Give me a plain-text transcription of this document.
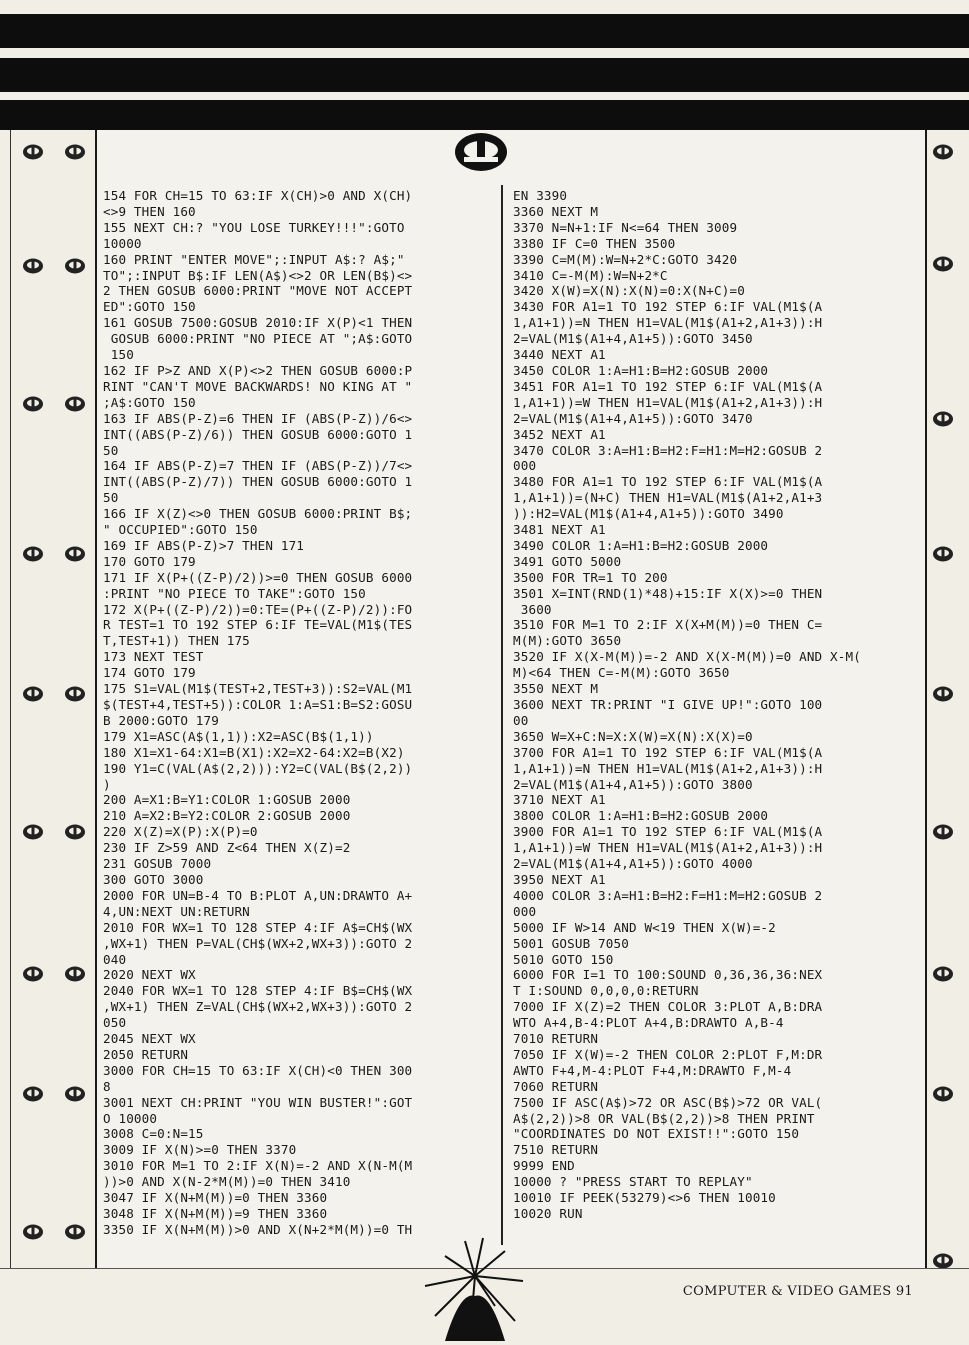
154 FOR CH=15 TO 63:IF X(CH)>0 AND X(CH)
<>9 THEN 160
155 NEXT CH:? "YOU LOSE TURKEY!!!":GOTO
10000
160 PRINT "ENTER MOVE";:INPUT A$:? A$;"
TO";:INPUT B$:IF LEN(A$)<>2 OR LEN(B$)<>
2 THEN GOSUB 6000:PRINT "MOVE NOT ACCEPT
ED":GOTO 150
161 GOSUB 7500:GOSUB 2010:IF X(P)<1 THEN
GOSUB 6000:PRINT "NO PIECE AT ";A$:GOTO
150
162 IF P>Z AND X(P)<>2 THEN GOSUB 6000:P
RINT "CAN'T MOVE BACKWARDS! NO KING AT "
;A$:GOTO 150
163 IF ABS(P-Z)=6 THEN IF (ABS(P-Z))/6<>
INT((ABS(P-Z)/6)) THEN GOSUB 6000:GOTO 1
50
164 IF ABS(P-Z)=7 THEN IF (ABS(P-Z))/7<>
INT((ABS(P-Z)/7)) THEN GOSUB 6000:GOTO 1
50
166 IF X(Z)<>0 THEN GOSUB 6000:PRINT B$;
" OCCUPIED":GOTO 150
169 IF ABS(P-Z)>7 THEN 171
170 GOTO 179
171 IF X(P+((Z-P)/2))>=0 THEN GOSUB 6000
:PRINT "NO PIECE TO TAKE":GOTO 150
172 X(P+((Z-P)/2))=0:TE=(P+((Z-P)/2)):FO
R TEST=1 TO 192 STEP 6:IF TE=VAL(M1$(TES
T,TEST+1)) THEN 175
173 NEXT TEST
174 GOTO 179
175 S1=VAL(M1$(TEST+2,TEST+3)):S2=VAL(M1
$(TEST+4,TEST+5)):COLOR 1:A=S1:B=S2:GOSU
B 2000:GOTO 179
179 X1=ASC(A$(1,1)):X2=ASC(B$(1,1))
180 X1=X1-64:X1=B(X1):X2=X2-64:X2=B(X2)
190 Y1=C(VAL(A$(2,2))):Y2=C(VAL(B$(2,2))
)
200 A=X1:B=Y1:COLOR 1:GOSUB 2000
210 A=X2:B=Y2:COLOR 2:GOSUB 2000
220 X(Z)=X(P):X(P)=0
230 IF Z>59 AND Z<64 THEN X(Z)=2
231 GOSUB 7000
300 GOTO 3000
2000 FOR UN=B-4 TO B:PLOT A,UN:DRAWTO A+
4,UN:NEXT UN:RETURN
2010 FOR WX=1 TO 128 STEP 4:IF A$=CH$(WX
,WX+1) THEN P=VAL(CH$(WX+2,WX+3)):GOTO 2
040
2020 NEXT WX
2040 FOR WX=1 TO 128 STEP 4:IF B$=CH$(WX
,WX+1) THEN Z=VAL(CH$(WX+2,WX+3)):GOTO 2
050
2045 NEXT WX
2050 RETURN
3000 FOR CH=15 TO 63:IF X(CH)<0 THEN 300
8
3001 NEXT CH:PRINT "YOU WIN BUSTER!":GOT
O 10000
3008 C=0:N=15
3009 IF X(N)>=0 THEN 3370
3010 FOR M=1 TO 2:IF X(N)=-2 AND X(N-M(M
))>0 AND X(N-2*M(M))=0 THEN 3410
3047 IF X(N+M(M))=0 THEN 3360
3048 IF X(N+M(M))=9 THEN 3360
3350 IF X(N+M(M))>0 AND X(N+2*M(M))=0 TH
EN 3390
3360 NEXT M
3370 N=N+1:IF N<=64 THEN 3009
3380 IF C=0 THEN 3500
3390 C=M(M):W=N+2*C:GOTO 3420
3410 C=-M(M):W=N+2*C
3420 X(W)=X(N):X(N)=0:X(N+C)=0
3430 FOR A1=1 TO 192 STEP 6:IF VAL(M1$(A
1,A1+1))=N THEN H1=VAL(M1$(A1+2,A1+3)):H
2=VAL(M1$(A1+4,A1+5)):GOTO 3450
3440 NEXT A1
3450 COLOR 1:A=H1:B=H2:GOSUB 2000
3451 FOR A1=1 TO 192 STEP 6:IF VAL(M1$(A
1,A1+1))=W THEN H1=VAL(M1$(A1+2,A1+3)):H
2=VAL(M1$(A1+4,A1+5)):GOTO 3470
3452 NEXT A1
3470 COLOR 3:A=H1:B=H2:F=H1:M=H2:GOSUB 2
000
3480 FOR A1=1 TO 192 STEP 6:IF VAL(M1$(A
1,A1+1))=(N+C) THEN H1=VAL(M1$(A1+2,A1+3
)):H2=VAL(M1$(A1+4,A1+5)):GOTO 3490
3481 NEXT A1
3490 COLOR 1:A=H1:B=H2:GOSUB 2000
3491 GOTO 5000
3500 FOR TR=1 TO 200
3501 X=INT(RND(1)*48)+15:IF X(X)>=0 THEN
3600
3510 FOR M=1 TO 2:IF X(X+M(M))=0 THEN C=
M(M):GOTO 3650
3520 IF X(X-M(M))=-2 AND X(X-M(M))=0 AND X-M(
M)<64 THEN C=-M(M):GOTO 3650
3550 NEXT M
3600 NEXT TR:PRINT "I GIVE UP!":GOTO 100
00
3650 W=X+C:N=X:X(W)=X(N):X(X)=0
3700 FOR A1=1 TO 192 STEP 6:IF VAL(M1$(A
1,A1+1))=N THEN H1=VAL(M1$(A1+2,A1+3)):H
2=VAL(M1$(A1+4,A1+5)):GOTO 3800
3710 NEXT A1
3800 COLOR 1:A=H1:B=H2:GOSUB 2000
3900 FOR A1=1 TO 192 STEP 6:IF VAL(M1$(A
1,A1+1))=W THEN H1=VAL(M1$(A1+2,A1+3)):H
2=VAL(M1$(A1+4,A1+5)):GOTO 4000
3950 NEXT A1
4000 COLOR 3:A=H1:B=H2:F=H1:M=H2:GOSUB 2
000
5000 IF W>14 AND W<19 THEN X(W)=-2
5001 GOSUB 7050
5010 GOTO 150
6000 FOR I=1 TO 100:SOUND 0,36,36,36:NEX
T I:SOUND 0,0,0,0:RETURN
7000 IF X(Z)=2 THEN COLOR 3:PLOT A,B:DRA
WTO A+4,B-4:PLOT A+4,B:DRAWTO A,B-4
7010 RETURN
7050 IF X(W)=-2 THEN COLOR 2:PLOT F,M:DR
AWTO F+4,M-4:PLOT F+4,M:DRAWTO F,M-4
7060 RETURN
7500 IF ASC(A$)>72 OR ASC(B$)>72 OR VAL(
A$(2,2))>8 OR VAL(B$(2,2))>8 THEN PRINT
"COORDINATES DO NOT EXIST!!":GOTO 150
7510 RETURN
9999 END
10000 ? "PRESS START TO REPLAY"
10010 IF PEEK(53279)<>6 THEN 10010
10020 RUN
COMPUTER & VIDEO GAMES 91
